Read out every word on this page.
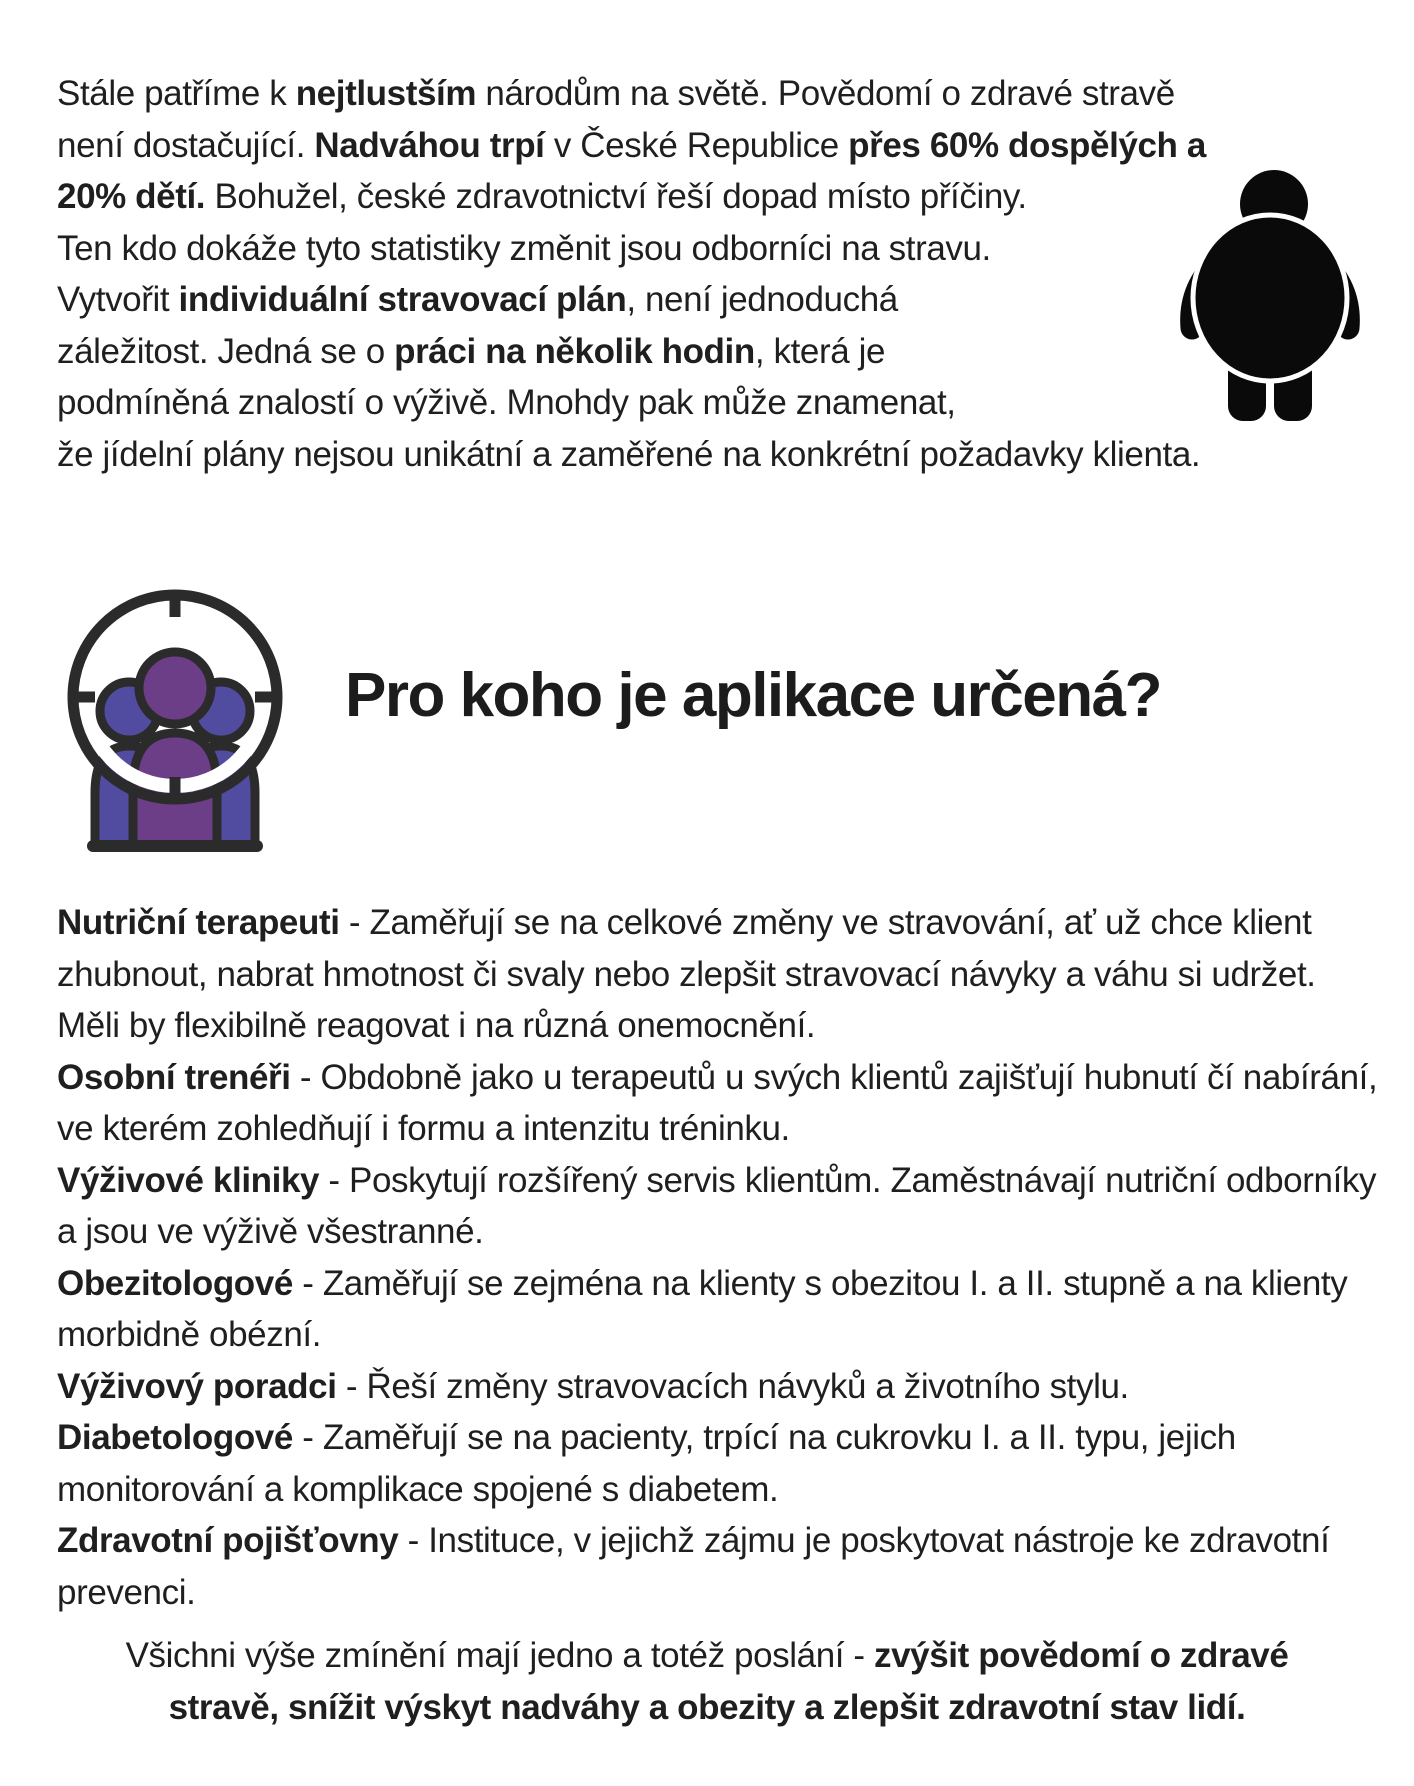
Stále patříme k nejtlustším národům na světě. Povědomí o zdravé stravě
není dostačující. Nadváhou trpí v České Republice přes 60% dospělých a
20% dětí. Bohužel, české zdravotnictví řeší dopad místo příčiny.
Ten kdo dokáže tyto statistiky změnit jsou odborníci na stravu.
Vytvořit individuální stravovací plán, není jednoduchá
záležitost. Jedná se o práci na několik hodin, která je
podmíněná znalostí o výživě. Mnohdy pak může znamenat,
že jídelní plány nejsou unikátní a zaměřené na konkrétní požadavky klienta.
Pro koho je aplikace určená?

Nutriční terapeuti - Zaměřují se na celkové změny ve stravování, ať už chce klient zhubnout, nabrat hmotnost či svaly nebo zlepšit stravovací návyky a váhu si udržet. Měli by flexibilně reagovat i na různá onemocnění.

Osobní trenéři - Obdobně jako u terapeutů u svých klientů zajišťují hubnutí čí nabírání, ve kterém zohledňují i formu a intenzitu tréninku.

Výživové kliniky - Poskytují rozšířený servis klientům. Zaměstnávají nutriční odborníky a jsou ve výživě všestranné.

Obezitologové - Zaměřují se zejména na klienty s obezitou I. a II. stupně a na klienty morbidně obézní.

Výživový poradci - Řeší změny stravovacích návyků a životního stylu.

Diabetologové - Zaměřují se na pacienty, trpící na cukrovku I. a II. typu, jejich monitorování a komplikace spojené s diabetem.

Zdravotní pojišťovny - Instituce, v jejichž zájmu je poskytovat nástroje ke zdravotní prevenci.

Všichni výše zmínění mají jedno a totéž poslání - zvýšit povědomí o zdravé
stravě, snížit výskyt nadváhy a obezity a zlepšit zdravotní stav lidí.
